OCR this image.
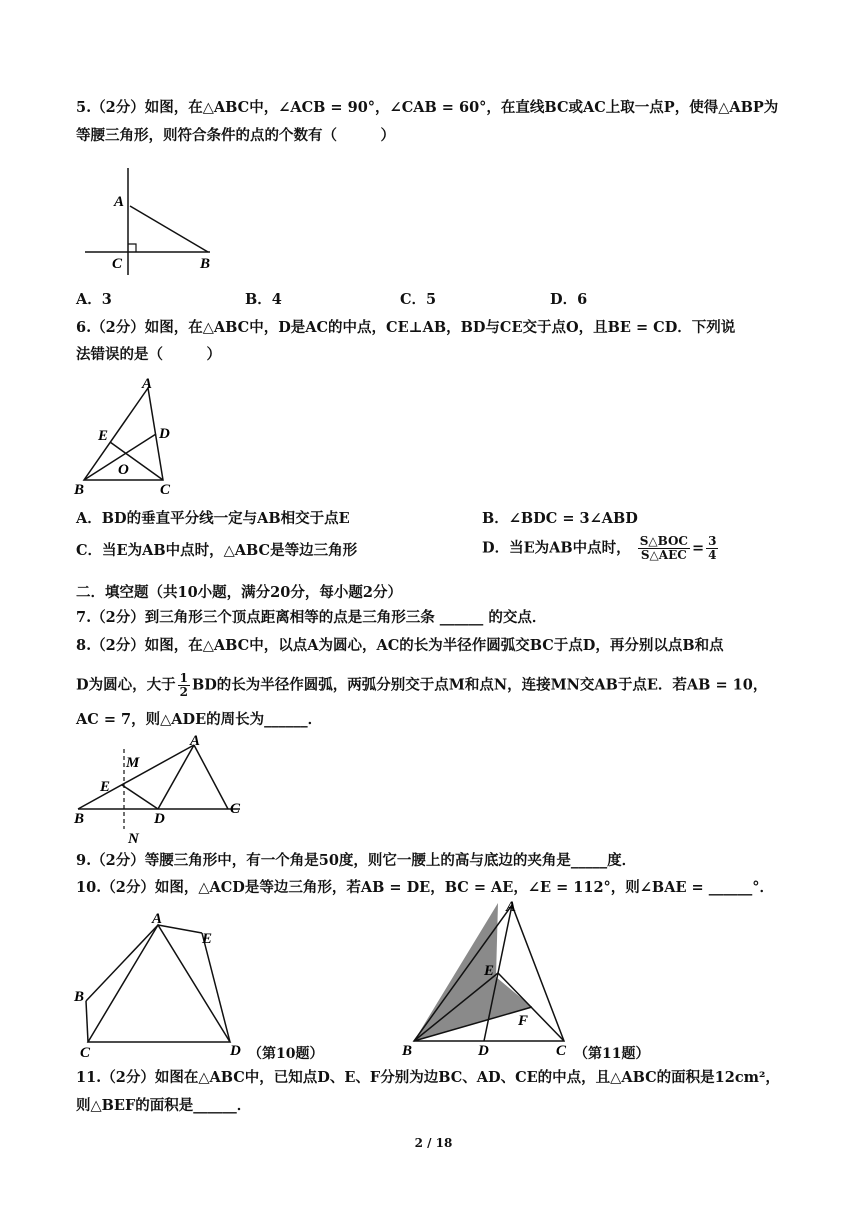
5.（2分）如图，在△ABC中，∠ACB = 90°，∠CAB = 60°，在直线BC或AC上取一点P，使得△ABP为
等腰三角形，则符合条件的点的个数有（　　　）
A
C	B
A．3	B．4	C．5	D．6
6.（2分）如图，在△ABC中，D是AC的中点，CE⊥AB，BD与CE交于点O，且BE = CD．下列说
法错误的是（　　　）
A
E	D
O
B	C
A．BD的垂直平分线一定与AB相交于点E	B．∠BDC = 3∠ABD
C．当E为AB中点时，△ABC是等边三角形	D．当E为AB中点时， $\frac{\text{S△BOC}}{\text{S△AEC}} = \frac{3}{4}$
二．填空题（共10小题，满分20分，每小题2分）
7.（2分）到三角形三个顶点距离相等的点是三角形三条 ______ 的交点．
8.（2分）如图，在△ABC中，以点A为圆心，AC的长为半径作圆弧交BC于点D，再分别以点B和点
D为圆心，大于 $\frac{1}{2}$ BD的长为半径作圆弧，两弧分别交于点M和点N，连接MN交AB于点E．若AB = 10，
AC = 7，则△ADE的周长为______．
M
A
E
B	D
C
N
9.（2分）等腰三角形中，有一个角是50度，则它一腰上的高与底边的夹角是_____度．
10.（2分）如图，△ACD是等边三角形，若AB = DE，BC = AE，∠E = 112°，则∠BAE = ______°．
A
E
B
C	D （第10题）
A
E
F
B	D	C （第11题）
11.（2分）如图在△ABC中，已知点D、E、F分别为边BC、AD、CE的中点，且△ABC的面积是12cm²，
则△BEF的面积是______．
2 / 18
